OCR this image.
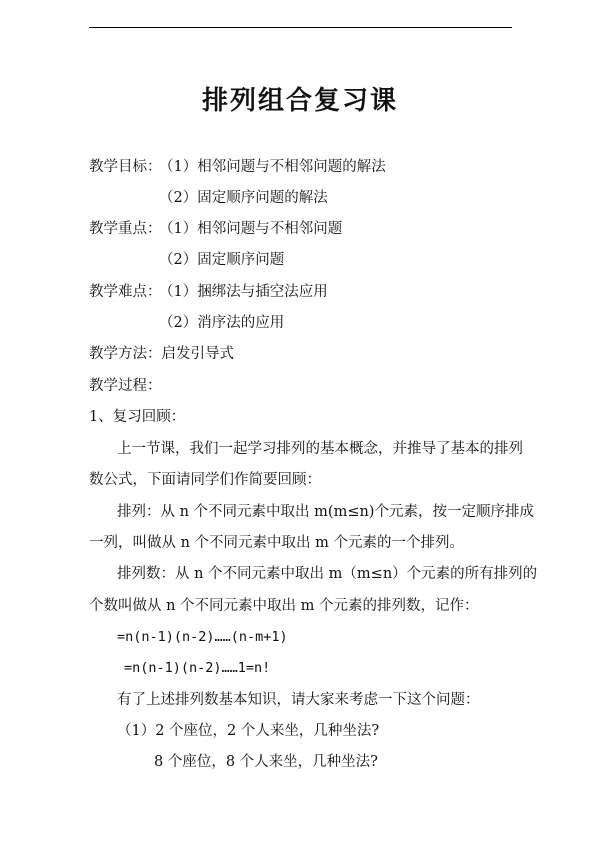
排列组合复习课
教学目标：
（1）相邻问题与不相邻问题的解法
（2）固定顺序问题的解法
教学重点：
（1）相邻问题与不相邻问题
（2）固定顺序问题
教学难点：
（1）捆绑法与插空法应用
（2）消序法的应用
教学方法：启发引导式
教学过程：
1、复习回顾：
上一节课，我们一起学习排列的基本概念，并推导了基本的排列
数公式，下面请同学们作简要回顾：
排列：从 n 个不同元素中取出 m(m≤n)个元素，按一定顺序排成
一列，叫做从 n 个不同元素中取出 m 个元素的一个排列。
排列数：从 n 个不同元素中取出 m（m≤n）个元素的所有排列的
个数叫做从 n 个不同元素中取出 m 个元素的排列数，记作：
=n(n-1)(n-2)……(n-m+1)
=n(n-1)(n-2)……1=n!
有了上述排列数基本知识，请大家来考虑一下这个问题：
（1）2 个座位，2 个人来坐，几种坐法?
8 个座位，8 个人来坐，几种坐法?
